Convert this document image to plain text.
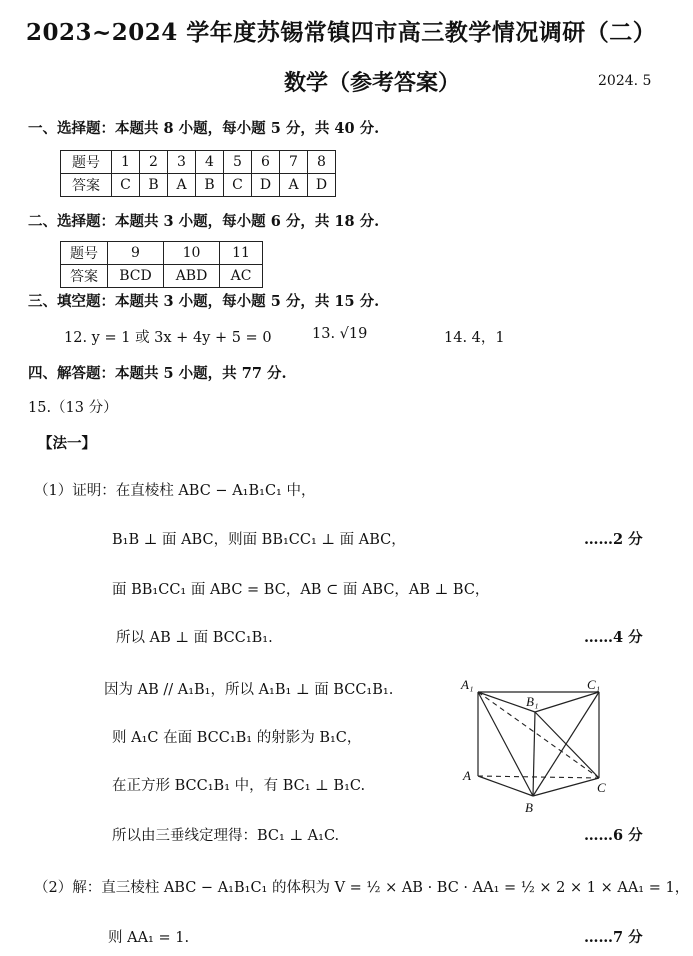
2023~2024 学年度苏锡常镇四市高三教学情况调研（二）
数学（参考答案）	2024. 5
一、选择题：本题共 8 小题，每小题 5 分，共 40 分.
题号	1	2	3	4	5	6	7	8
答案	C	B	A	B	C	D	A	D
二、选择题：本题共 3 小题，每小题 6 分，共 18 分.
题号	9	10	11
答案	BCD	ABD	AC
三、填空题：本题共 3 小题，每小题 5 分，共 15 分.
12. y = 1 或 3x + 4y + 5 = 0	13. √19	14. 4，1
四、解答题：本题共 5 小题，共 77 分.
15.（13 分）
【法一】
（1）证明：在直棱柱 ABC − A₁B₁C₁ 中，
B₁B ⊥ 面 ABC，则面 BB₁CC₁ ⊥ 面 ABC，	……2 分
面 BB₁CC₁ 面 ABC = BC，AB ⊂ 面 ABC，AB ⊥ BC，
所以 AB ⊥ 面 BCC₁B₁.	……4 分
因为 AB // A₁B₁，所以 A₁B₁ ⊥ 面 BCC₁B₁.
则 A₁C 在面 BCC₁B₁ 的射影为 B₁C，
在正方形 BCC₁B₁ 中，有 BC₁ ⊥ B₁C.
所以由三垂线定理得：BC₁ ⊥ A₁C.	……6 分
（2）解：直三棱柱 ABC − A₁B₁C₁ 的体积为 V = ½ × AB · BC · AA₁ = ½ × 2 × 1 × AA₁ = 1，
则 AA₁ = 1.	……7 分
A₁
B₁
C₁
A
B
C
